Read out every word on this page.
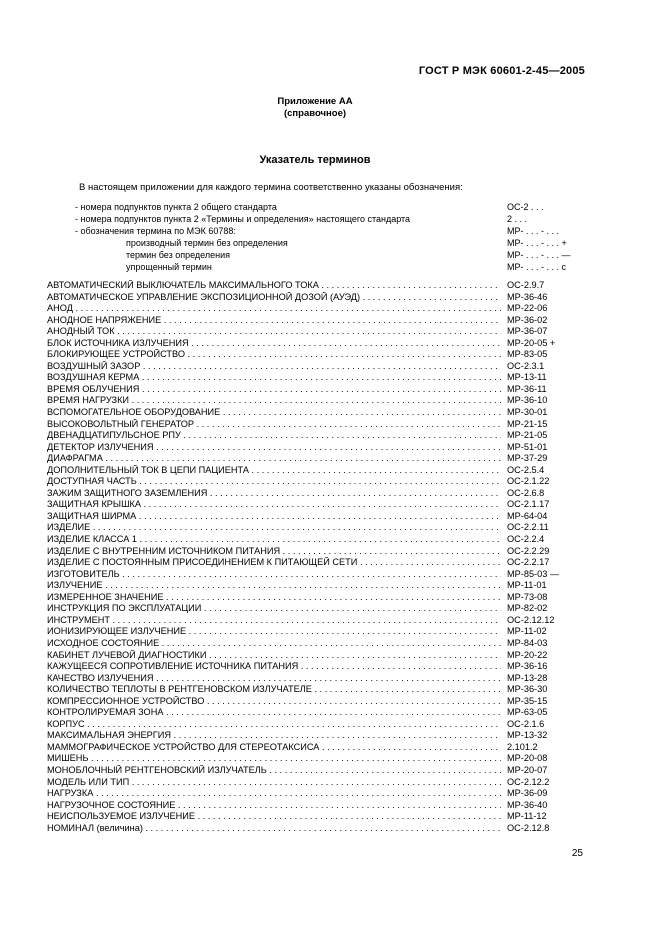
ГОСТ Р МЭК 60601-2-45—2005
Приложение АА
(справочное)
Указатель терминов
В настоящем приложении для каждого термина соответственно указаны обозначения:
- номера подпунктов пункта 2 общего стандарта	ОС-2 . . .
- номера подпунктов пункта 2 «Термины и определения» настоящего стандарта	2 . . .
- обозначения термина по МЭК 60788:	МР- . . . - . . .
производный термин без определения	МР- . . . - . . . +
термин без определения	МР- . . . - . . . —
упрощенный термин	МР- . . . - . . . с
АВТОМАТИЧЕСКИЙ ВЫКЛЮЧАТЕЛЬ МАКСИМАЛЬНОГО ТОКА . . .	ОС-2.9.7
АВТОМАТИЧЕСКОЕ УПРАВЛЕНИЕ ЭКСПОЗИЦИОННОЙ ДОЗОЙ (АУЭД) . . .	МР-36-46
АНОД . . .	МР-22-06
АНОДНОЕ НАПРЯЖЕНИЕ . . .	МР-36-02
АНОДНЫЙ ТОК . . .	МР-36-07
БЛОК ИСТОЧНИКА ИЗЛУЧЕНИЯ . . .	МР-20-05 +
БЛОКИРУЮЩЕЕ УСТРОЙСТВО . . .	МР-83-05
ВОЗДУШНЫЙ ЗАЗОР . . .	ОС-2.3.1
ВОЗДУШНАЯ КЕРМА . . .	МР-13-11
ВРЕМЯ ОБЛУЧЕНИЯ . . .	МР-36-11
ВРЕМЯ НАГРУЗКИ . . .	МР-36-10
ВСПОМОГАТЕЛЬНОЕ ОБОРУДОВАНИЕ . . .	МР-30-01
ВЫСОКОВОЛЬТНЫЙ ГЕНЕРАТОР . . .	МР-21-15
ДВЕНАДЦАТИПУЛЬСНОЕ РПУ . . .	МР-21-05
ДЕТЕКТОР ИЗЛУЧЕНИЯ . . .	МР-51-01
ДИАФРАГМА . . .	МР-37-29
ДОПОЛНИТЕЛЬНЫЙ ТОК В ЦЕПИ ПАЦИЕНТА . . .	ОС-2.5.4
ДОСТУПНАЯ ЧАСТЬ . . .	ОС-2.1.22
ЗАЖИМ ЗАЩИТНОГО ЗАЗЕМЛЕНИЯ . . .	ОС-2.6.8
ЗАЩИТНАЯ КРЫШКА . . .	ОС-2.1.17
ЗАЩИТНАЯ ШИРМА . . .	МР-64-04
ИЗДЕЛИЕ . . .	ОС-2.2.11
ИЗДЕЛИЕ КЛАССА 1 . . .	ОС-2.2.4
ИЗДЕЛИЕ С ВНУТРЕННИМ ИСТОЧНИКОМ ПИТАНИЯ . . .	ОС-2.2.29
ИЗДЕЛИЕ С ПОСТОЯННЫМ ПРИСОЕДИНЕНИЕМ К ПИТАЮЩЕЙ СЕТИ . . .	ОС-2.2.17
ИЗГОТОВИТЕЛЬ . . .	МР-85-03 —
ИЗЛУЧЕНИЕ . . .	МР-11-01
ИЗМЕРЕННОЕ ЗНАЧЕНИЕ . . .	МР-73-08
ИНСТРУКЦИЯ ПО ЭКСПЛУАТАЦИИ . . .	МР-82-02
ИНСТРУМЕНТ . . .	ОС-2.12.12
ИОНИЗИРУЮЩЕЕ ИЗЛУЧЕНИЕ . . .	МР-11-02
ИСХОДНОЕ СОСТОЯНИЕ . . .	МР-84-03
КАБИНЕТ ЛУЧЕВОЙ ДИАГНОСТИКИ . . .	МР-20-22
КАЖУЩЕЕСЯ СОПРОТИВЛЕНИЕ ИСТОЧНИКА ПИТАНИЯ . . .	МР-36-16
КАЧЕСТВО ИЗЛУЧЕНИЯ . . .	МР-13-28
КОЛИЧЕСТВО ТЕПЛОТЫ В РЕНТГЕНОВСКОМ ИЗЛУЧАТЕЛЕ . . .	МР-36-30
КОМПРЕССИОННОЕ УСТРОЙСТВО . . .	МР-35-15
КОНТРОЛИРУЕМАЯ ЗОНА . . .	МР-63-05
КОРПУС . . .	ОС-2.1.6
МАКСИМАЛЬНАЯ ЭНЕРГИЯ . . .	МР-13-32
МАММОГРАФИЧЕСКОЕ УСТРОЙСТВО ДЛЯ СТЕРЕОТАКСИСА . . .	2.101.2
МИШЕНЬ . . .	МР-20-08
МОНОБЛОЧНЫЙ РЕНТГЕНОВСКИЙ ИЗЛУЧАТЕЛЬ . . .	МР-20-07
МОДЕЛЬ ИЛИ ТИП . . .	ОС-2.12.2
НАГРУЗКА . . .	МР-36-09
НАГРУЗОЧНОЕ СОСТОЯНИЕ . . .	МР-36-40
НЕИСПОЛЬЗУЕМОЕ ИЗЛУЧЕНИЕ . . .	МР-11-12
НОМИНАЛ (величина) . . .	ОС-2.12.8
25
